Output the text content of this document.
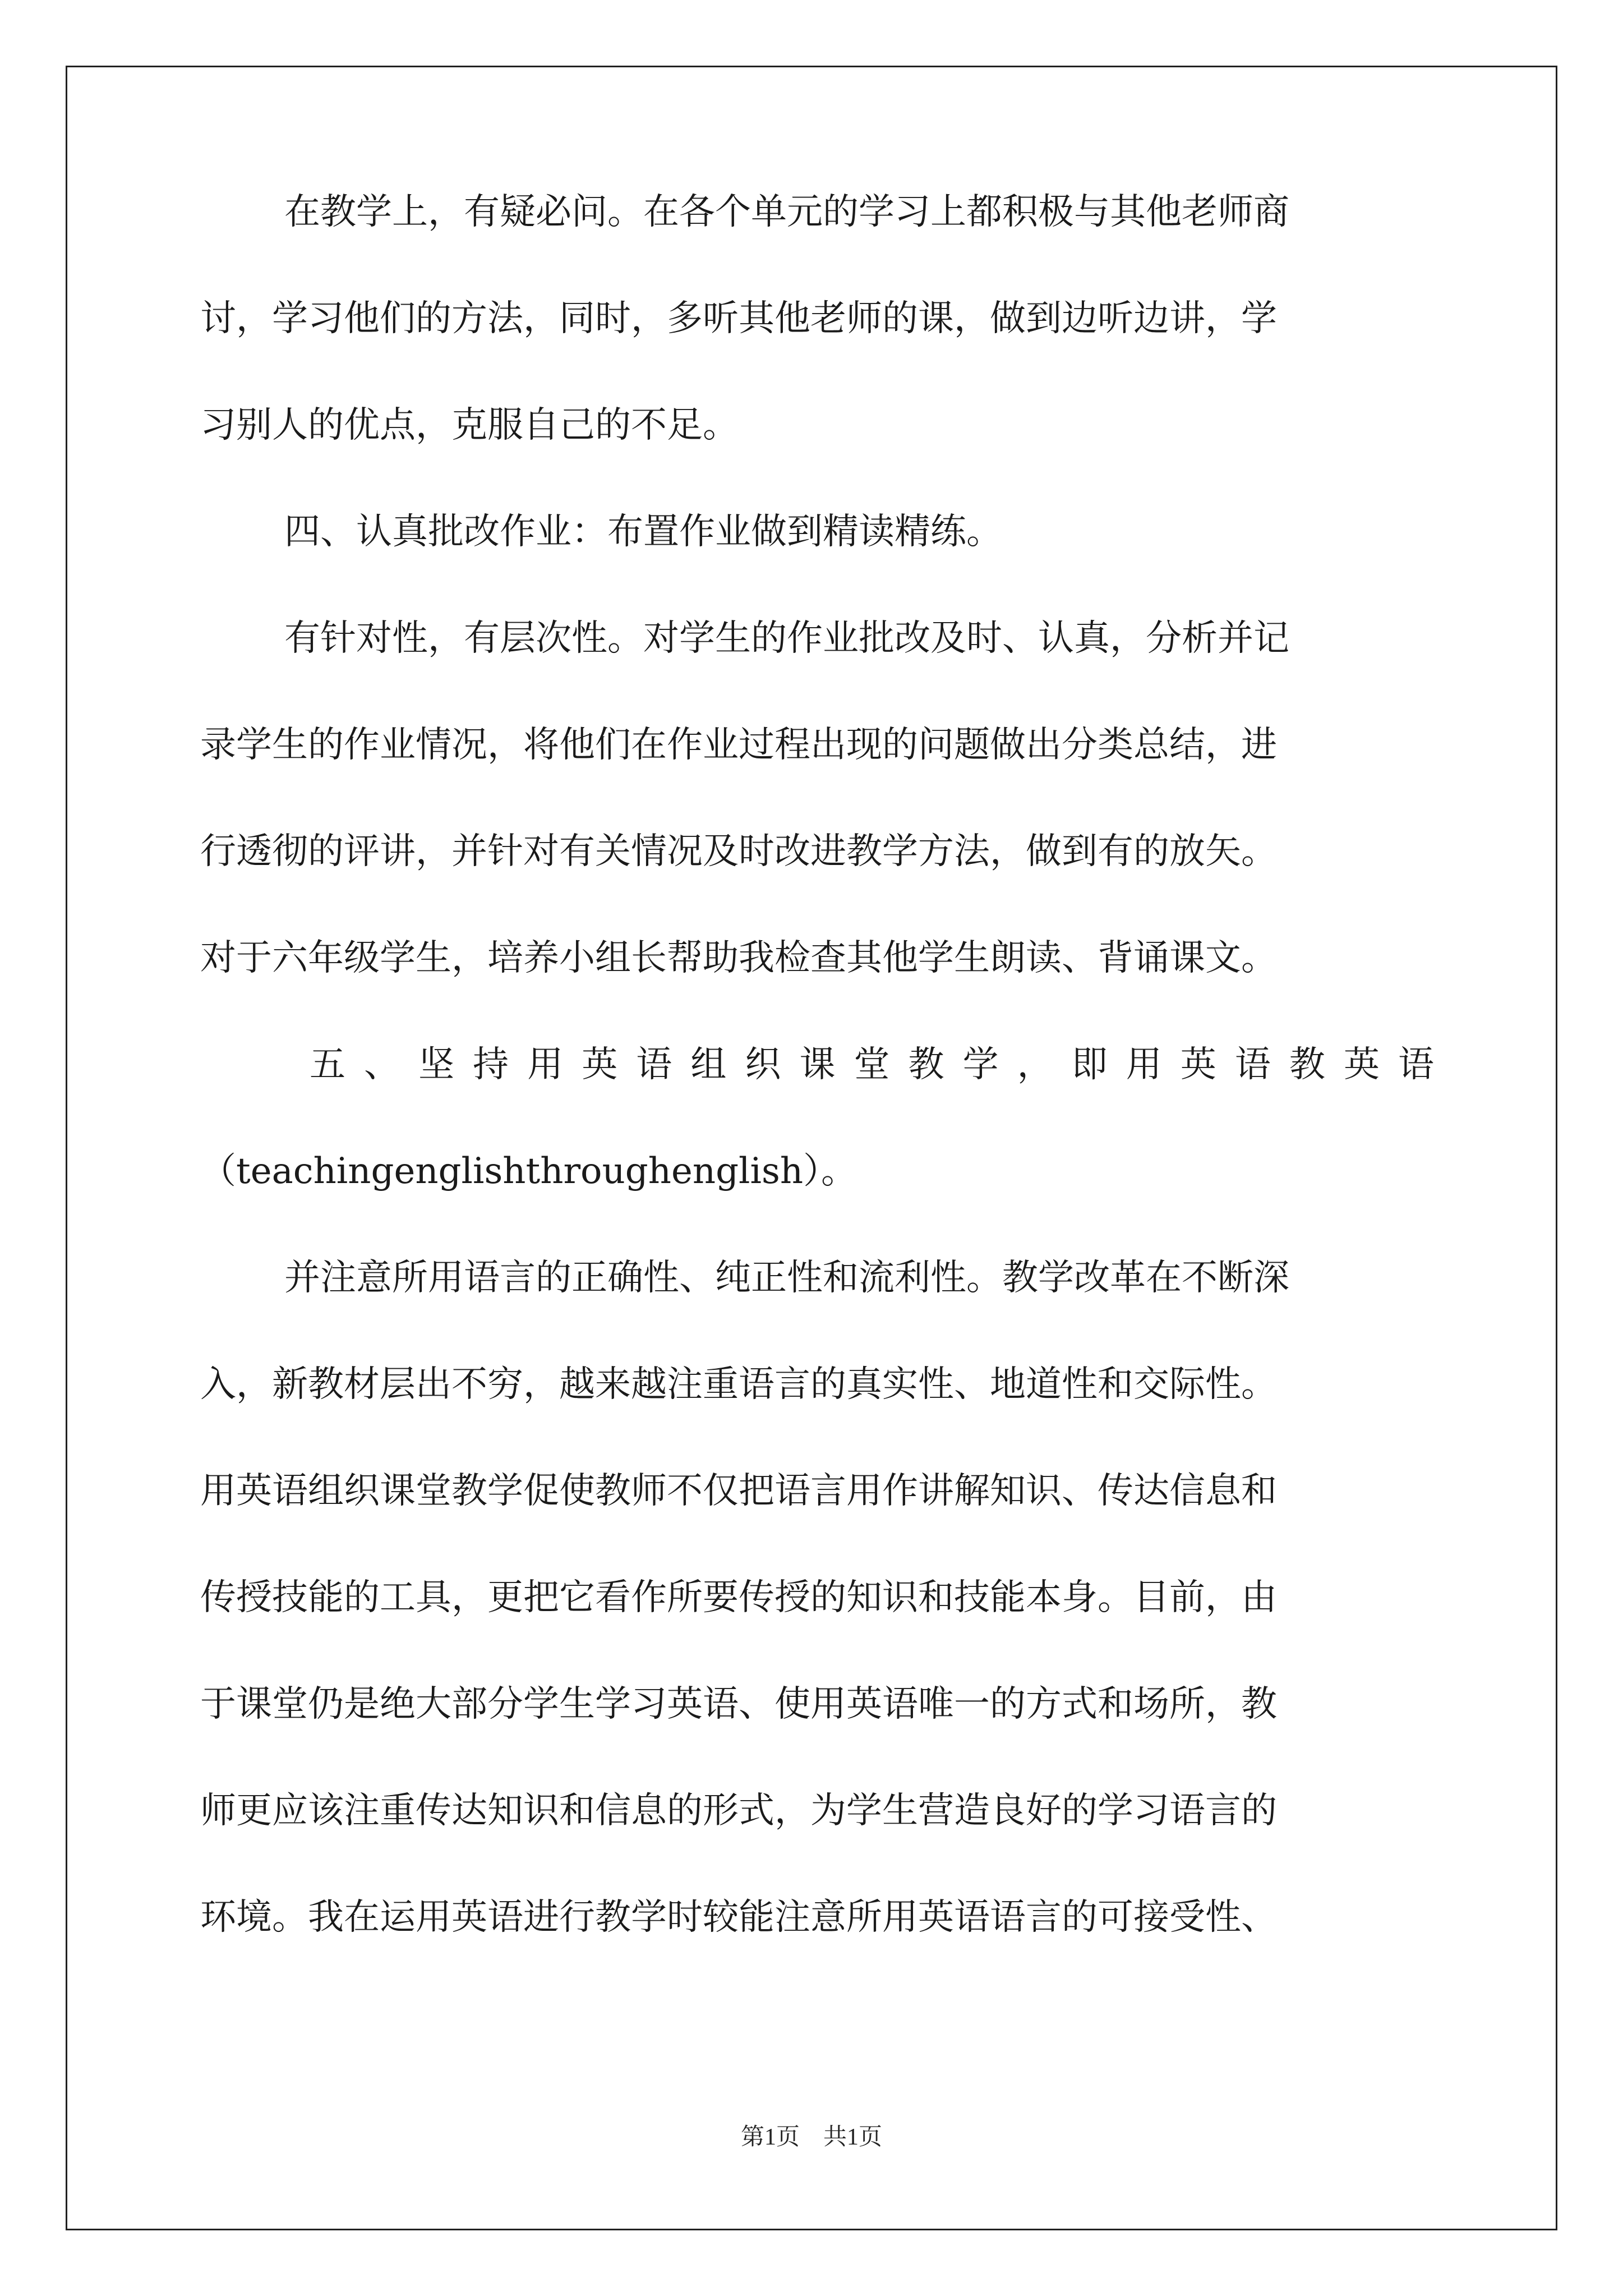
在教学上，有疑必问。在各个单元的学习上都积极与其他老师商
讨，学习他们的方法，同时，多听其他老师的课，做到边听边讲，学
习别人的优点，克服自己的不足。
四、认真批改作业：布置作业做到精读精练。
有针对性，有层次性。对学生的作业批改及时、认真，分析并记
录学生的作业情况，将他们在作业过程出现的问题做出分类总结，进
行透彻的评讲，并针对有关情况及时改进教学方法，做到有的放矢。
对于六年级学生，培养小组长帮助我检查其他学生朗读、背诵课文。
五、坚持用英语组织课堂教学，即用英语教英语
（teachingenglishthroughenglish）。
并注意所用语言的正确性、纯正性和流利性。教学改革在不断深
入，新教材层出不穷，越来越注重语言的真实性、地道性和交际性。
用英语组织课堂教学促使教师不仅把语言用作讲解知识、传达信息和
传授技能的工具，更把它看作所要传授的知识和技能本身。目前，由
于课堂仍是绝大部分学生学习英语、使用英语唯一的方式和场所，教
师更应该注重传达知识和信息的形式，为学生营造良好的学习语言的
环境。我在运用英语进行教学时较能注意所用英语语言的可接受性、
第1页　共1页
